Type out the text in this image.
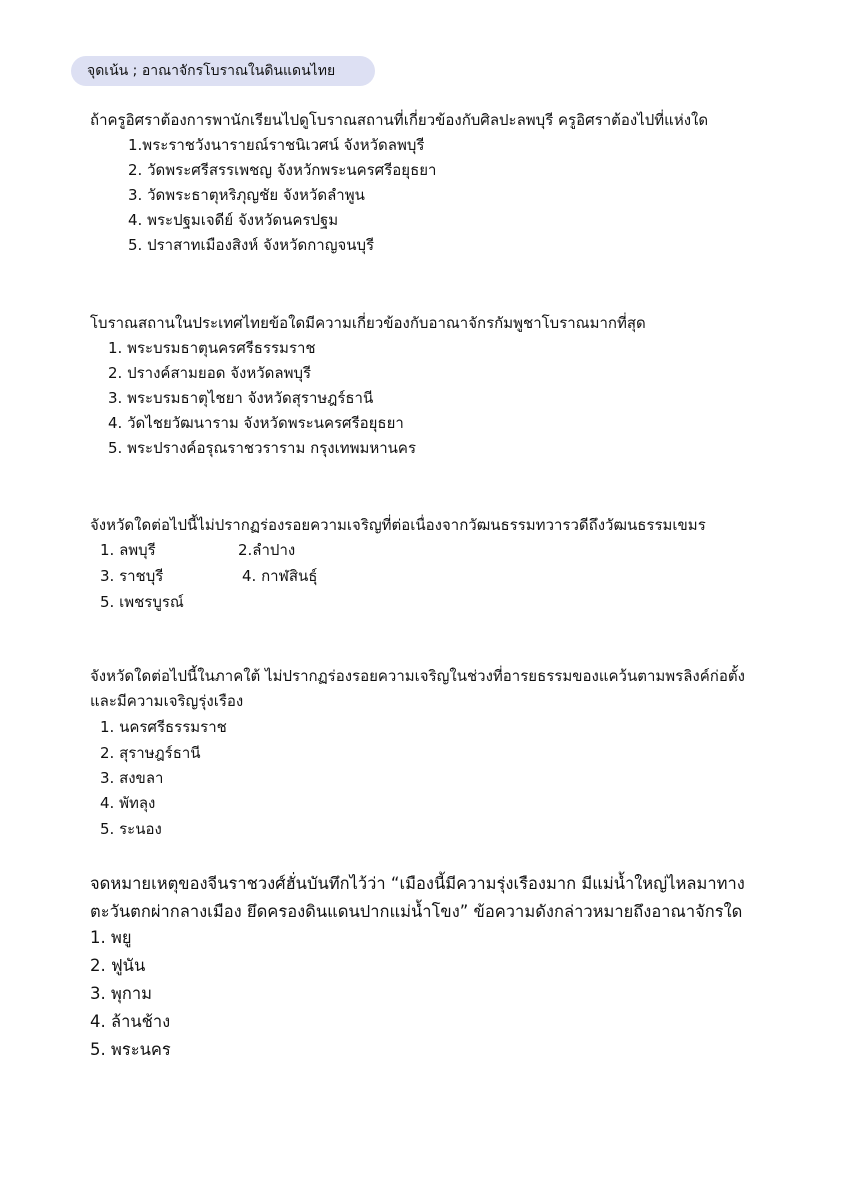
จุดเน้น ; อาณาจักรโบราณในดินแดนไทย

ถ้าครูอิศราต้องการพานักเรียนไปดูโบราณสถานที่เกี่ยวข้องกับศิลปะลพบุรี ครูอิศราต้องไปที่แห่งใด

1.พระราชวังนารายณ์ราชนิเวศน์ จังหวัดลพบุรี
2. วัดพระศรีสรรเพชญ จังหวักพระนครศรีอยุธยา
3. วัดพระธาตุหริภุญชัย จังหวัดลำพูน
4. พระปฐมเจดีย์ จังหวัดนครปฐม
5. ปราสาทเมืองสิงห์ จังหวัดกาญจนบุรี

โบราณสถานในประเทศไทยข้อใดมีความเกี่ยวข้องกับอาณาจักรกัมพูชาโบราณมากที่สุด

1. พระบรมธาตุนครศรีธรรมราช
2. ปรางค์สามยอด จังหวัดลพบุรี
3. พระบรมธาตุไชยา จังหวัดสุราษฎร์ธานี
4. วัดไชยวัฒนาราม จังหวัดพระนครศรีอยุธยา
5. พระปรางค์อรุณราชวราราม กรุงเทพมหานคร

จังหวัดใดต่อไปนี้ไม่ปรากฏร่องรอยความเจริญที่ต่อเนื่องจากวัฒนธรรมทวารวดีถึงวัฒนธรรมเขมร

1. ลพบุรี	2.ลำปาง
3. ราชบุรี	4. กาฬสินธุ์
5. เพชรบูรณ์

จังหวัดใดต่อไปนี้ในภาคใต้ ไม่ปรากฏร่องรอยความเจริญในช่วงที่อารยธรรมของแคว้นตามพรลิงค์ก่อตั้ง

และมีความเจริญรุ่งเรือง

1. นครศรีธรรมราช
2. สุราษฎร์ธานี
3. สงขลา
4. พัทลุง
5. ระนอง

จดหมายเหตุของจีนราชวงศ์ฮั่นบันทึกไว้ว่า “เมืองนี้มีความรุ่งเรืองมาก มีแม่น้ำใหญ่ไหลมาทาง

ตะวันตกผ่ากลางเมือง ยึดครองดินแดนปากแม่น้ำโขง” ข้อความดังกล่าวหมายถึงอาณาจักรใด

1. พยู
2. ฟูนัน
3. พุกาม
4. ล้านช้าง
5. พระนคร
